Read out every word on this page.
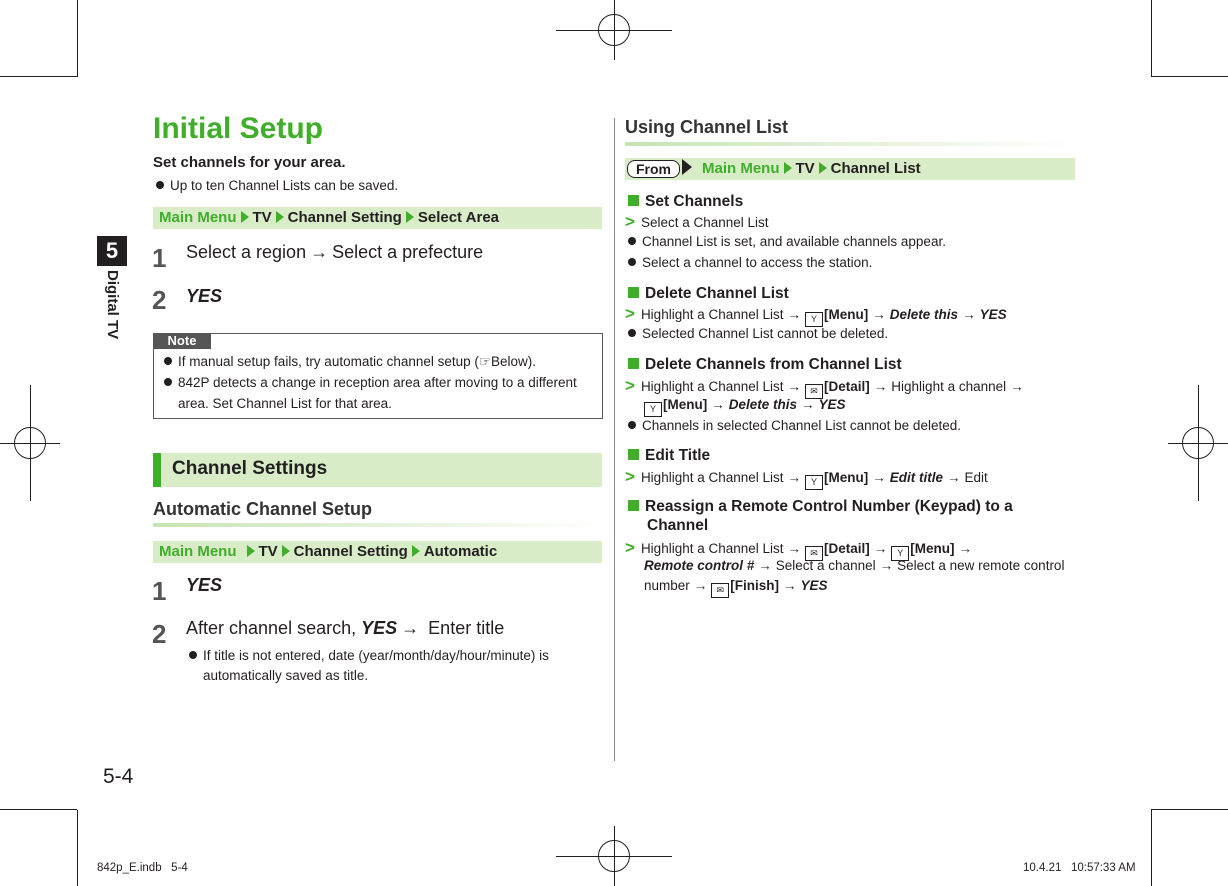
5
Digital TV
Initial Setup
Set channels for your area.
Up to ten Channel Lists can be saved.
Main Menu TV Channel Setting Select Area
1 Select a region → Select a prefecture
2 YES
Note
If manual setup fails, try automatic channel setup (☞Below).
842P detects a change in reception area after moving to a different
area. Set Channel List for that area.
Channel Settings
Automatic Channel Setup
Main Menu TV Channel Setting Automatic
1 YES
2 After channel search, YES → Enter title
If title is not entered, date (year/month/day/hour/minute) is
automatically saved as title.
5-4
Using Channel List
From Main Menu TV Channel List
Set Channels
> Select a Channel List
Channel List is set, and available channels appear.
Select a channel to access the station.
Delete Channel List
> Highlight a Channel List → Y [Menu] → Delete this → YES
Selected Channel List cannot be deleted.
Delete Channels from Channel List
> Highlight a Channel List → ✉ [Detail] → Highlight a channel →
Y [Menu] → Delete this → YES
Channels in selected Channel List cannot be deleted.
Edit Title
> Highlight a Channel List → Y [Menu] → Edit title → Edit
Reassign a Remote Control Number (Keypad) to a
Channel
> Highlight a Channel List → ✉ [Detail] → Y [Menu] →
Remote control # → Select a channel → Select a new remote control
number → ✉ [Finish] → YES
842p_E.indb   5-4	10.4.21   10:57:33 AM
